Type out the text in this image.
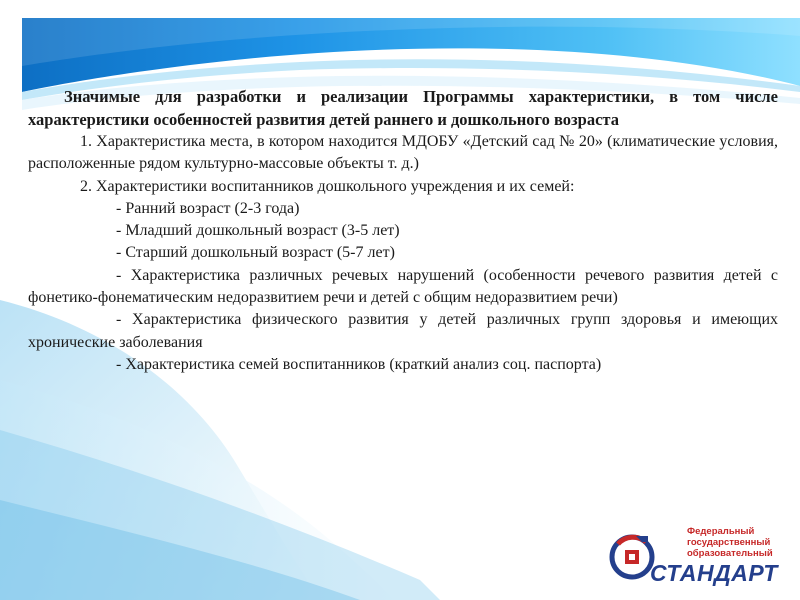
Значимые для разработки и реализации Программы характеристики, в том числе характеристики особенностей развития детей раннего и дошкольного возраста

1. Характеристика места, в котором находится МДОБУ «Детский сад № 20» (климатические условия, расположенные рядом культурно-массовые объекты т. д.)

2. Характеристики воспитанников дошкольного учреждения и их семей:

- Ранний возраст (2-3 года)

- Младший дошкольный возраст (3-5 лет)

- Старший дошкольный возраст (5-7 лет)

- Характеристика различных речевых нарушений (особенности речевого развития детей с фонетико-фонематическим недоразвитием речи и детей с общим недоразвитием речи)

- Характеристика физического развития у детей различных групп здоровья и имеющих хронические заболевания

- Характеристика семей воспитанников (краткий анализ соц. паспорта)

Федеральный
государственный
образовательный
СТАНДАРТ
